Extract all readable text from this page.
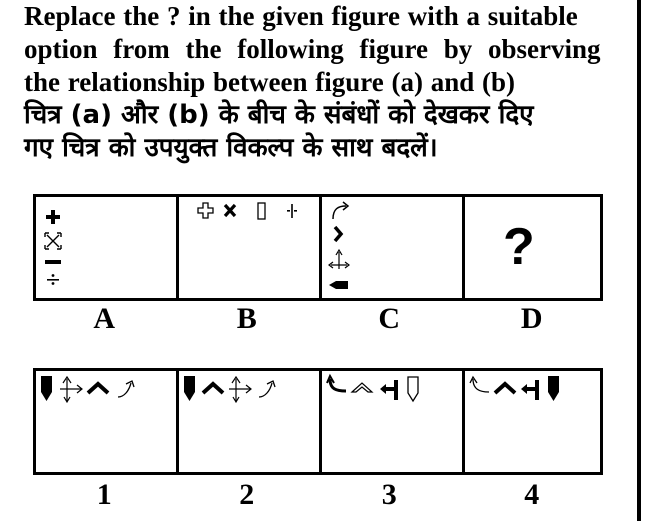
Replace the ? in the given figure with a suitable
option from the following figure by observing
the relationship between figure (a) and (b)
चित्र (a) और (b) के बीच के संबंधों को देखकर दिए
गए चित्र को उपयुक्त विकल्प के साथ बदलें।
?
A	B	C	D
1	2	3	4
